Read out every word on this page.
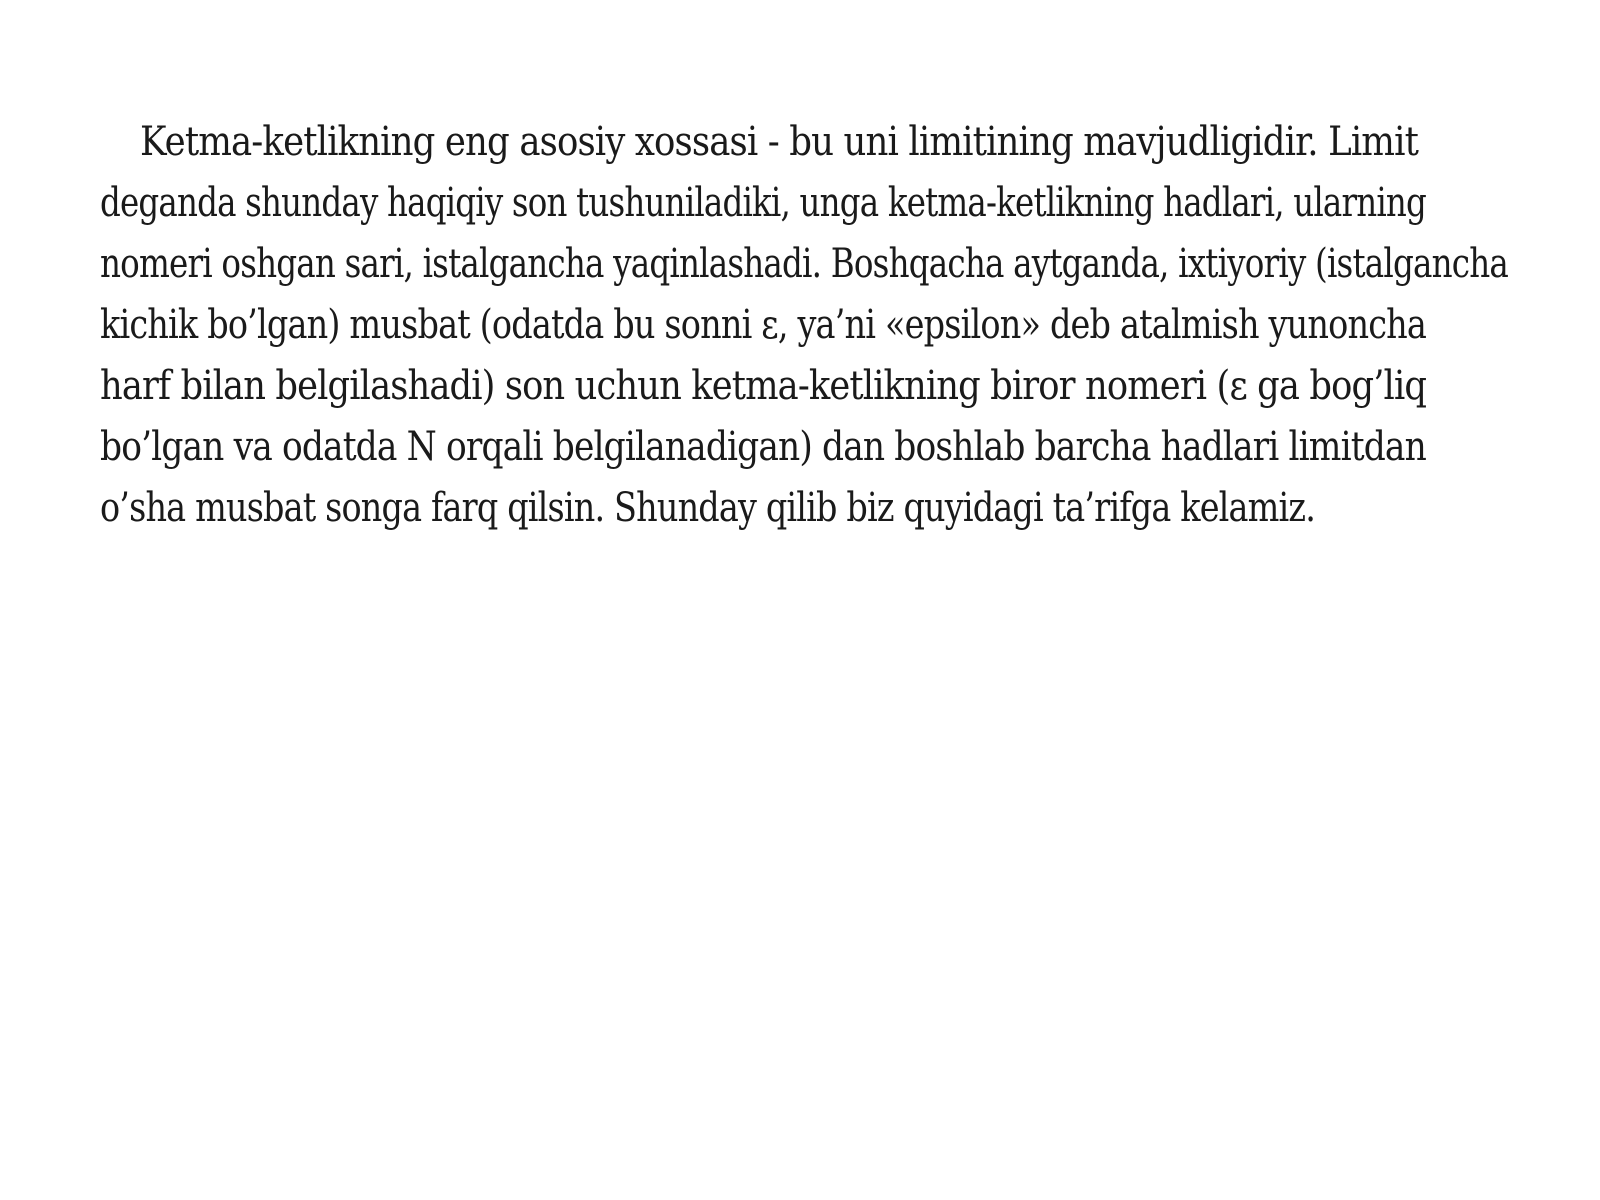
Ketma-ketlikning eng asosiy xossasi - bu uni limitining mavjudligidir. Limit
deganda shunday haqiqiy son tushuniladiki, unga ketma-ketlikning hadlari, ularning
nomeri oshgan sari, istalgancha yaqinlashadi. Boshqacha aytganda, ixtiyoriy (istalgancha
kichik bo’lgan) musbat (odatda bu sonni ε, ya’ni «epsilon» deb atalmish yunoncha
harf bilan belgilashadi) son uchun ketma-ketlikning biror nomeri (ε ga bog’liq
bo’lgan va odatda N orqali belgilanadigan) dan boshlab barcha hadlari limitdan
o’sha musbat songa farq qilsin. Shunday qilib biz quyidagi ta’rifga kelamiz.
